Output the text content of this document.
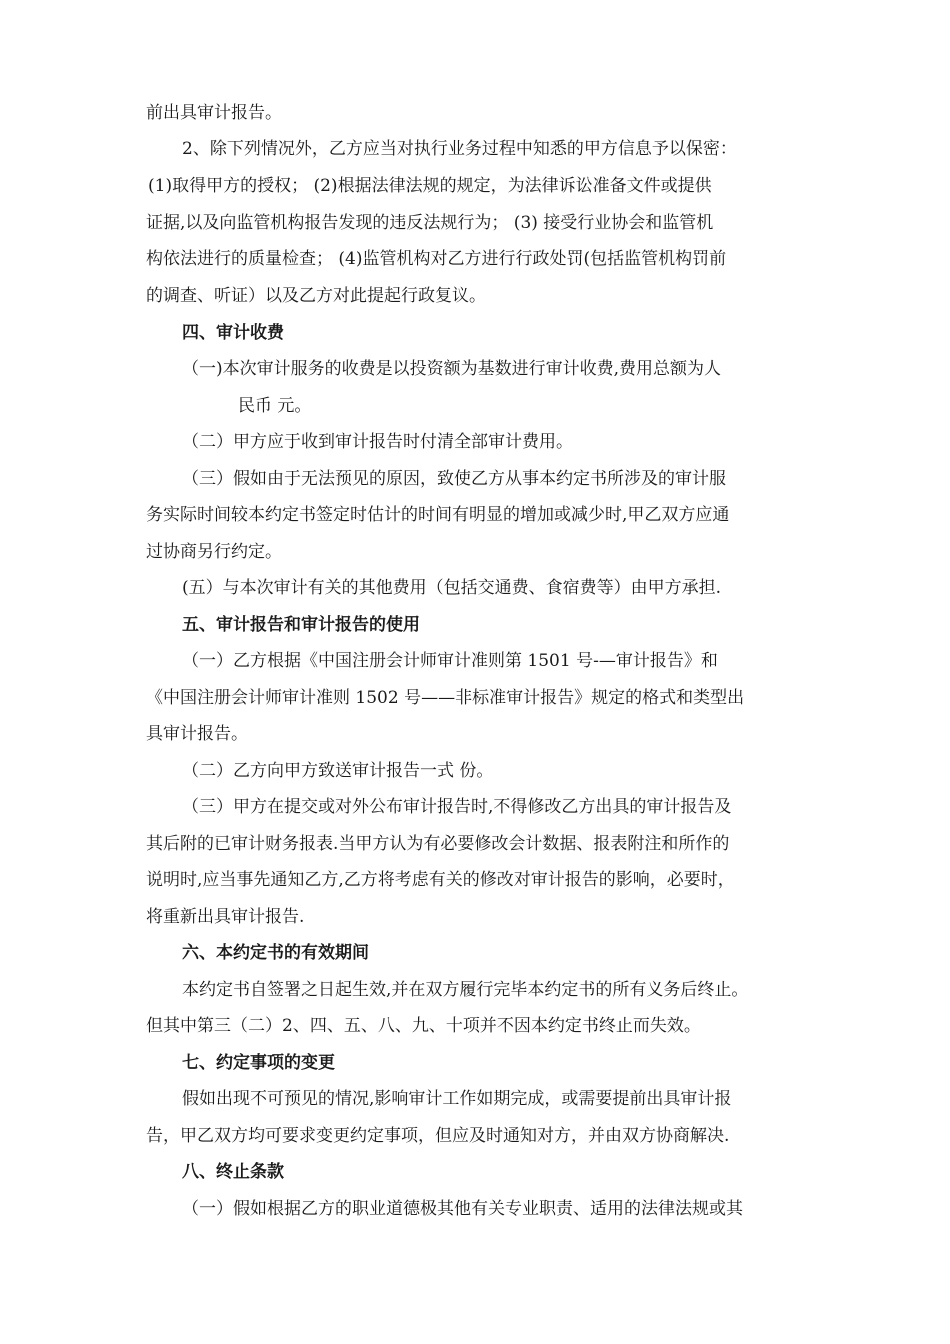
前出具审计报告。
2、除下列情况外，乙方应当对执行业务过程中知悉的甲方信息予以保密：
(1)取得甲方的授权； (2)根据法律法规的规定，为法律诉讼准备文件或提供
证据,以及向监管机构报告发现的违反法规行为； (3) 接受行业协会和监管机
构依法进行的质量检查； (4)监管机构对乙方进行行政处罚(包括监管机构罚前
的调查、听证）以及乙方对此提起行政复议。
四、审计收费
（一)本次审计服务的收费是以投资额为基数进行审计收费,费用总额为人
民币 元。
（二）甲方应于收到审计报告时付清全部审计费用。
（三）假如由于无法预见的原因，致使乙方从事本约定书所涉及的审计服
务实际时间较本约定书签定时估计的时间有明显的增加或减少时,甲乙双方应通
过协商另行约定。
(五）与本次审计有关的其他费用（包括交通费、食宿费等）由甲方承担.
五、审计报告和审计报告的使用
（一）乙方根据《中国注册会计师审计准则第 1501 号-—审计报告》和
《中国注册会计师审计准则 1502 号——非标准审计报告》规定的格式和类型出
具审计报告。
（二）乙方向甲方致送审计报告一式 份。
（三）甲方在提交或对外公布审计报告时,不得修改乙方出具的审计报告及
其后附的已审计财务报表.当甲方认为有必要修改会计数据、报表附注和所作的
说明时,应当事先通知乙方,乙方将考虑有关的修改对审计报告的影响，必要时，
将重新出具审计报告.
六、本约定书的有效期间
本约定书自签署之日起生效,并在双方履行完毕本约定书的所有义务后终止。
但其中第三（二）2、四、五、八、九、十项并不因本约定书终止而失效。
七、约定事项的变更
假如出现不可预见的情况,影响审计工作如期完成，或需要提前出具审计报
告，甲乙双方均可要求变更约定事项，但应及时通知对方，并由双方协商解决.
八、终止条款
（一）假如根据乙方的职业道德极其他有关专业职责、适用的法律法规或其
